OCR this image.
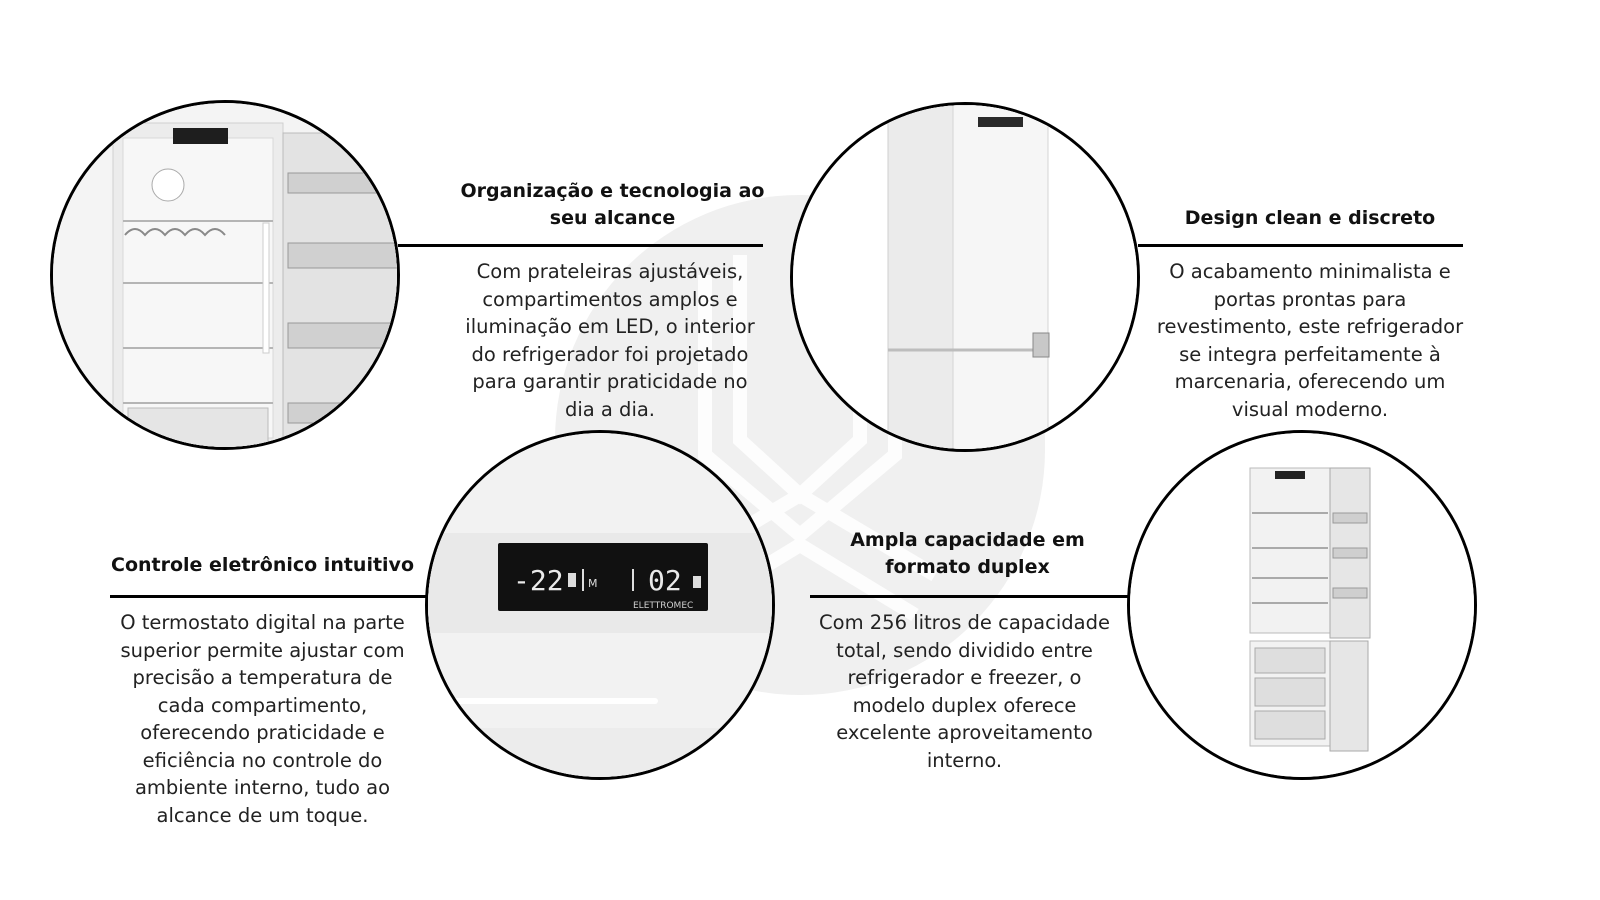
Organização e tecnologia ao seu alcance
Com prateleiras ajustáveis, compartimentos amplos e iluminação em LED, o interior do refrigerador foi projetado para garantir praticidade no dia a dia.
Design clean e discreto
O acabamento minimalista e portas prontas para revestimento, este refrigerador se integra perfeitamente à marcenaria, oferecendo um visual moderno.
-22 M 02
ELETTROMEC
Controle eletrônico intuitivo
O termostato digital na parte superior permite ajustar com precisão a temperatura de cada compartimento, oferecendo praticidade e eficiência no controle do ambiente interno, tudo ao alcance de um toque.
Ampla capacidade em formato duplex
Com 256 litros de capacidade total, sendo dividido entre refrigerador e freezer, o modelo duplex oferece excelente aproveitamento interno.
